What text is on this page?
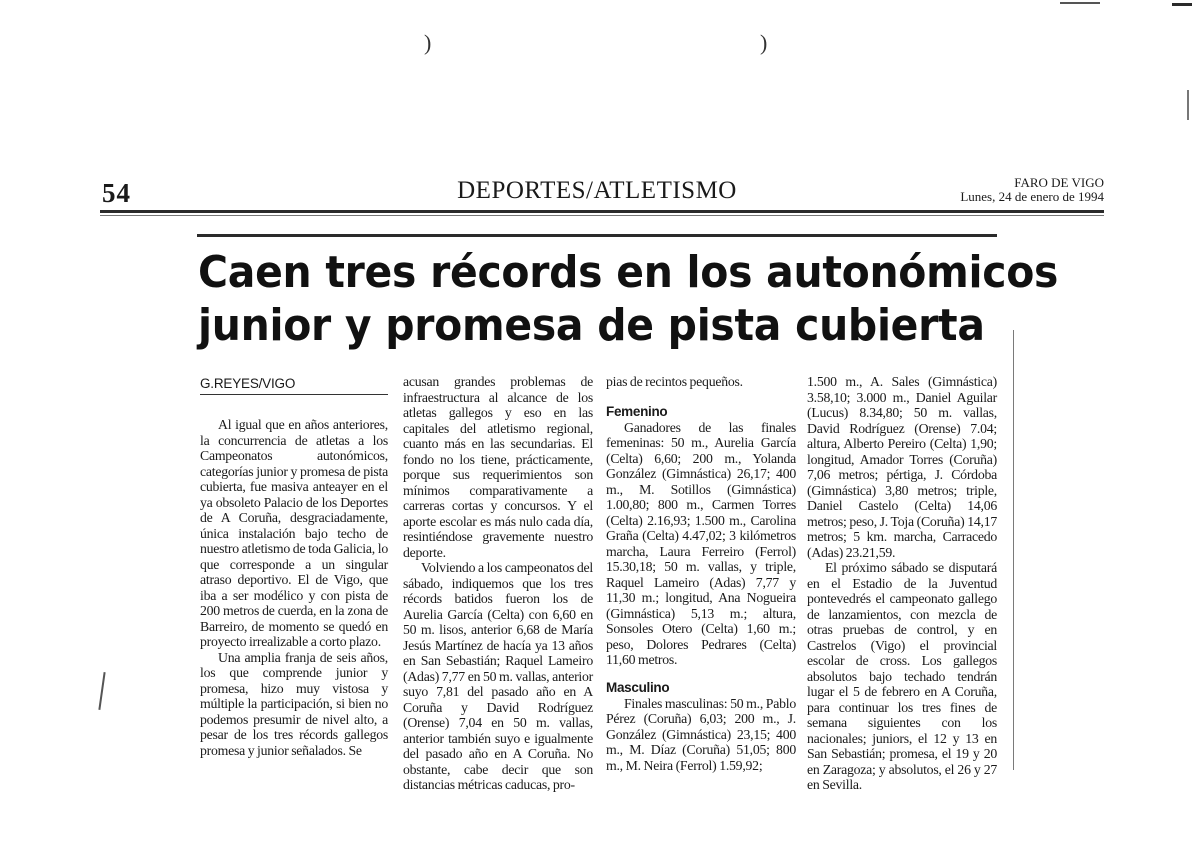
)	)
54	DEPORTES/ATLETISMO	FARO DE VIGO
Lunes, 24 de enero de 1994
Caen tres récords en los autonómicos
junior y promesa de pista cubierta
G.REYES/VIGO

Al igual que en años anteriores, la concurrencia de atletas a los Campeonatos autonómicos, categorías junior y promesa de pista cubierta, fue masiva anteayer en el ya obsoleto Palacio de los Deportes de A Coruña, desgraciadamente, única instalación bajo techo de nuestro atletismo de toda Galicia, lo que corresponde a un singular atraso deportivo. El de Vigo, que iba a ser modélico y con pista de 200 metros de cuerda, en la zona de Barreiro, de momento se quedó en proyecto irrealizable a corto plazo.

Una amplia franja de seis años, los que comprende junior y promesa, hizo muy vistosa y múltiple la participación, si bien no podemos presumir de nivel alto, a pesar de los tres récords gallegos promesa y junior señalados. Se

acusan grandes problemas de infraestructura al alcance de los atletas gallegos y eso en las capitales del atletismo regional, cuanto más en las secundarias. El fondo no los tiene, prácticamente, porque sus requerimientos son mínimos comparativamente a carreras cortas y concursos. Y el aporte escolar es más nulo cada día, resintiéndose gravemente nuestro deporte.

Volviendo a los campeonatos del sábado, indiquemos que los tres récords batidos fueron los de Aurelia García (Celta) con 6,60 en 50 m. lisos, anterior 6,68 de María Jesús Martínez de hacía ya 13 años en San Sebastián; Raquel Lameiro (Adas) 7,77 en 50 m. vallas, anterior suyo 7,81 del pasado año en A Coruña y David Rodríguez (Orense) 7,04 en 50 m. vallas, anterior también suyo e igualmente del pasado año en A Coruña. No obstante, cabe decir que son distancias métricas caducas, pro-

pias de recintos pequeños.

Femenino

Ganadores de las finales femeninas: 50 m., Aurelia García (Celta) 6,60; 200 m., Yolanda González (Gimnástica) 26,17; 400 m., M. Sotillos (Gimnástica) 1.00,80; 800 m., Carmen Torres (Celta) 2.16,93; 1.500 m., Carolina Graña (Celta) 4.47,02; 3 kilómetros marcha, Laura Ferreiro (Ferrol) 15.30,18; 50 m. vallas, y triple, Raquel Lameiro (Adas) 7,77 y 11,30 m.; longitud, Ana Nogueira (Gimnástica) 5,13 m.; altura, Sonsoles Otero (Celta) 1,60 m.; peso, Dolores Pedrares (Celta) 11,60 metros.

Masculino

Finales masculinas: 50 m., Pablo Pérez (Coruña) 6,03; 200 m., J. González (Gimnástica) 23,15; 400 m., M. Díaz (Coruña) 51,05; 800 m., M. Neira (Ferrol) 1.59,92;

1.500 m., A. Sales (Gimnástica) 3.58,10; 3.000 m., Daniel Aguilar (Lucus) 8.34,80; 50 m. vallas, David Rodríguez (Orense) 7.04; altura, Alberto Pereiro (Celta) 1,90; longitud, Amador Torres (Coruña) 7,06 metros; pértiga, J. Córdoba (Gimnástica) 3,80 metros; triple, Daniel Castelo (Celta) 14,06 metros; peso, J. Toja (Coruña) 14,17 metros; 5 km. marcha, Carracedo (Adas) 23.21,59.

El próximo sábado se disputará en el Estadio de la Juventud pontevedrés el campeonato gallego de lanzamientos, con mezcla de otras pruebas de control, y en Castrelos (Vigo) el provincial escolar de cross. Los gallegos absolutos bajo techado tendrán lugar el 5 de febrero en A Coruña, para continuar los tres fines de semana siguientes con los nacionales; juniors, el 12 y 13 en San Sebastián; promesa, el 19 y 20 en Zaragoza; y absolutos, el 26 y 27 en Sevilla.
